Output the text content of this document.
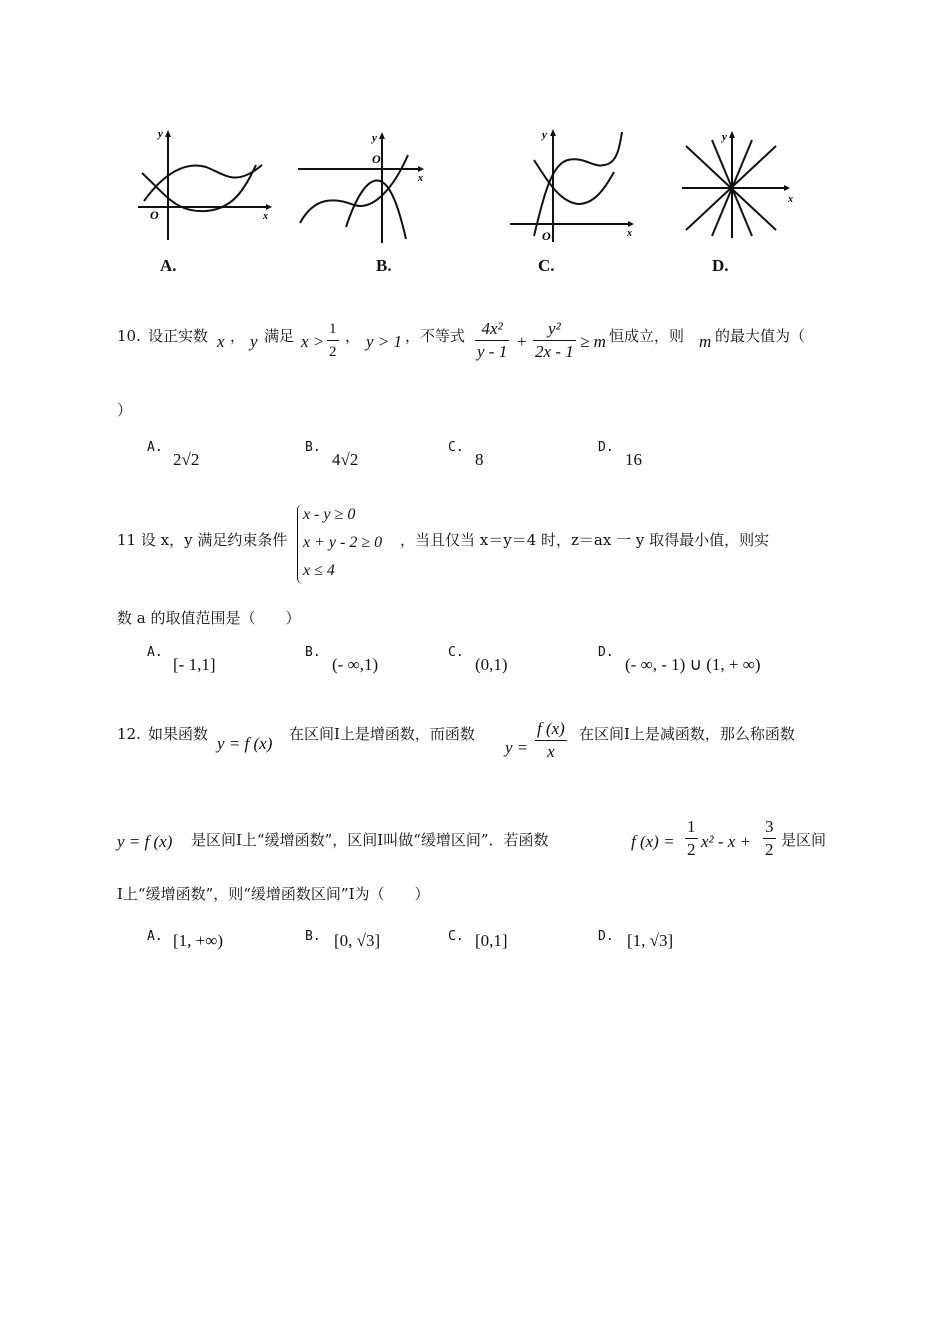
y
x
O
A.
y
O
x
B.
y
O	x
C.
y
x
D.
10. 设正实数 x ， y 满足 $x > \frac{1}{2}$ ， y > 1 ，不等式 $\frac{\text{4x²}}{y - 1} + \frac{\text{y²}}{2x - 1} \ge m$ 恒成立，则 m 的最大值为（
）
A.
2√2
B.
4√2
C.
8
D.
16
11 设 x，y 满足约束条件
x - y ≥ 0
x + y - 2 ≥ 0
x ≤ 4
，当且仅当 x＝y＝4 时，z＝ax 一 y 取得最小值，则实
数 a 的取值范围是（　　）
A.
[- 1,1]
B.
(- ∞,1)
C.
(0,1)
D.
(- ∞, - 1) ∪ (1, + ∞)
12. 如果函数 y = f (x) 在区间I上是增函数，而函数
$y = \frac{f (x)}{x}$ 在区间I上是减函数，那么称函数
y = f (x) 是区间I上“缓增函数”，区间I叫做“缓增区间”．若函数	f $(x) = \frac{1}{2} x^2 - x + \frac{3}{2}$ 是区间
I上“缓增函数”，则“缓增函数区间”I为（　　）
A. [1, +∞)	B. [0, √3]	C. [0,1]	D. [1, √3]
